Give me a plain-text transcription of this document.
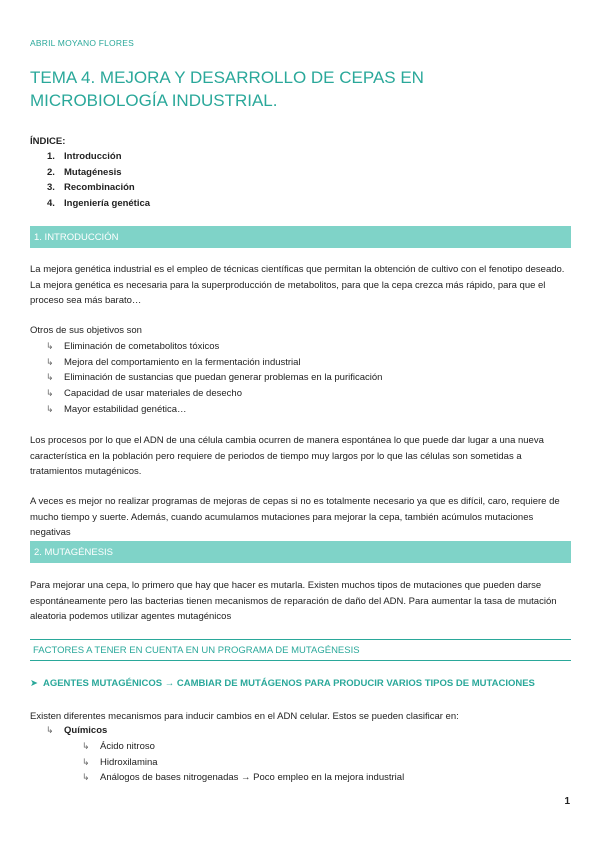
ABRIL MOYANO FLORES
TEMA 4. MEJORA Y DESARROLLO DE CEPAS EN MICROBIOLOGÍA INDUSTRIAL.
ÍNDICE:
1. Introducción
2. Mutagénesis
3. Recombinación
4. Ingeniería genética
1. INTRODUCCIÓN

La mejora genética industrial es el empleo de técnicas científicas que permitan la obtención de cultivo con el fenotipo deseado. La mejora genética es necesaria para la superproducción de metabolitos, para que la cepa crezca más rápido, para que el proceso sea más barato…

Otros de sus objetivos son

↳	Eliminación de cometabolitos tóxicos
↳	Mejora del comportamiento en la fermentación industrial
↳	Eliminación de sustancias que puedan generar problemas en la purificación
↳	Capacidad de usar materiales de desecho
↳	Mayor estabilidad genética…

Los procesos por lo que el ADN de una célula cambia ocurren de manera espontánea lo que puede dar lugar a una nueva característica en la población pero requiere de periodos de tiempo muy largos por lo que las células son sometidas a tratamientos mutagénicos.

A veces es mejor no realizar programas de mejoras de cepas si no es totalmente necesario ya que es difícil, caro, requiere de mucho tiempo y suerte. Además, cuando acumulamos mutaciones para mejorar la cepa, también acúmulos mutaciones negativas

2. MUTAGÉNESIS

Para mejorar una cepa, lo primero que hay que hacer es mutarla. Existen muchos tipos de mutaciones que pueden darse espontáneamente pero las bacterias tienen mecanismos de reparación de daño del ADN. Para aumentar la tasa de mutación aleatoria podemos utilizar agentes mutagénicos

FACTORES A TENER EN CUENTA EN UN PROGRAMA DE MUTAGÉNESIS
➤ AGENTES MUTAGÉNICOS → CAMBIAR DE MUTÁGENOS PARA PRODUCIR VARIOS TIPOS DE MUTACIONES

Existen diferentes mecanismos para inducir cambios en el ADN celular. Estos se pueden clasificar en:

↳	Químicos
↳	Ácido nitroso
↳	Hidroxilamina
↳	Análogos de bases nitrogenadas → Poco empleo en la mejora industrial
1
